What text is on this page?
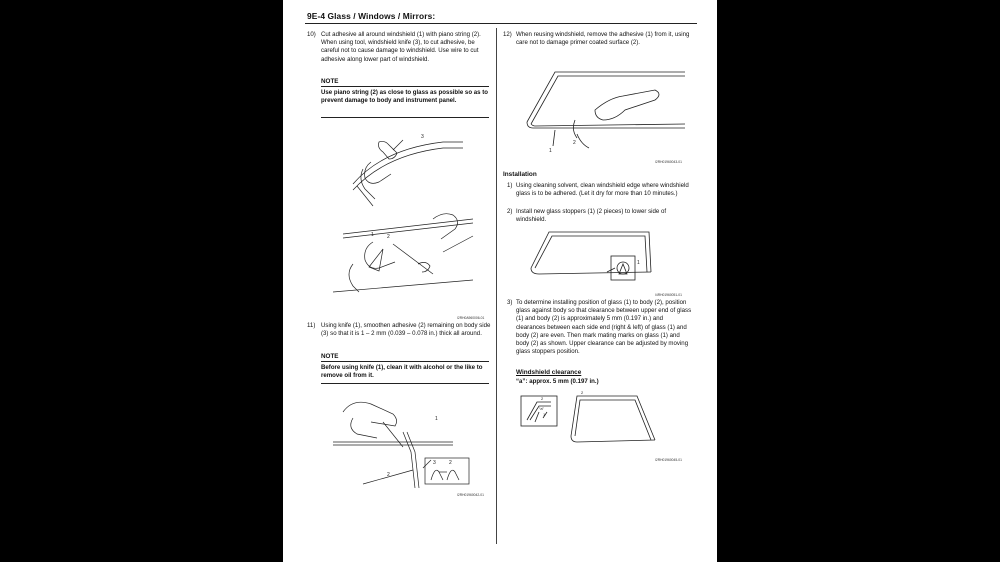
9E-4 Glass / Windows / Mirrors:
10) Cut adhesive all around windshield (1) with piano string (2). When using tool, windshield knife (3), to cut adhesive, be careful not to cause damage to windshield. Use wire to cut adhesive along lower part of windshield.
NOTE
Use piano string (2) as close to glass as possible so as to prevent damage to body and instrument panel.
3
1	2
I2RH0A960006-01
11) Using knife (1), smoothen adhesive (2) remaining on body side (3) so that it is 1 – 2 mm (0.039 – 0.078 in.) thick all around.
NOTE
Before using knife (1), clean it with alcohol or the like to remove oil from it.
1
2
3	2
I2RH01960042-01
12) When reusing windshield, remove the adhesive (1) from it, using care not to damage primer coated surface (2).
1
2
I2RH01960043-01
Installation
1) Using cleaning solvent, clean windshield edge where windshield glass is to be adhered. (Let it dry for more than 10 minutes.)
2) Install new glass stoppers (1) (2 pieces) to lower side of windshield.
1
I4RH01960051-01
3) To determine installing position of glass (1) to body (2), position glass against body so that clearance between upper end of glass (1) and body (2) is approximately 5 mm (0.197 in.) and clearances between each side end (right & left) of glass (1) and body (2) are even. Then mark mating marks on glass (1) and body (2) as shown. Upper clearance can be adjusted by moving glass stoppers position.
Windshield clearance
“a”: approx. 5 mm (0.197 in.)
2
“a”
1
2
I2RH01960045-01
